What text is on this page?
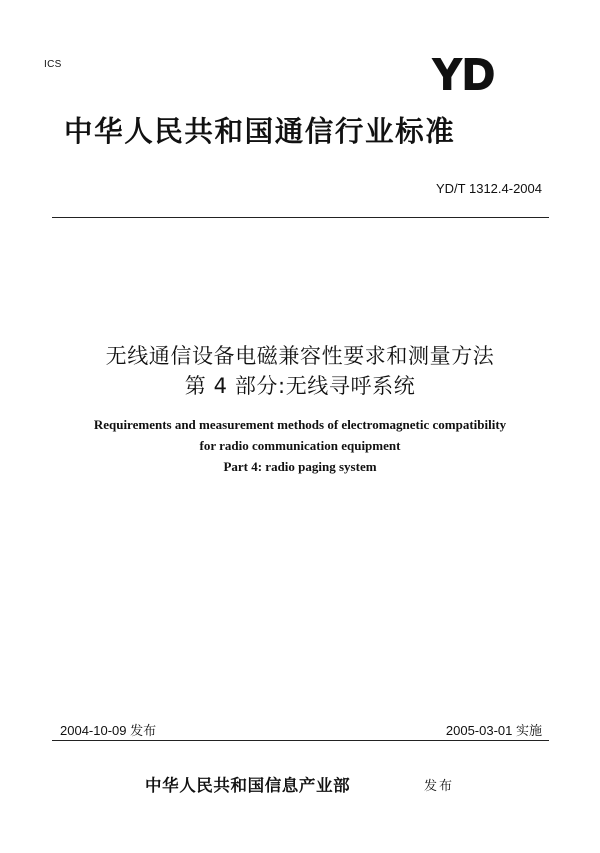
ICS	YD
中华人民共和国通信行业标准
YD/T 1312.4-2004
无线通信设备电磁兼容性要求和测量方法
第 4 部分:无线寻呼系统
Requirements and measurement methods of electromagnetic compatibility
for radio communication equipment
Part 4: radio paging system
2004-10-09 发布	2005-03-01 实施
中华人民共和国信息产业部	发布
